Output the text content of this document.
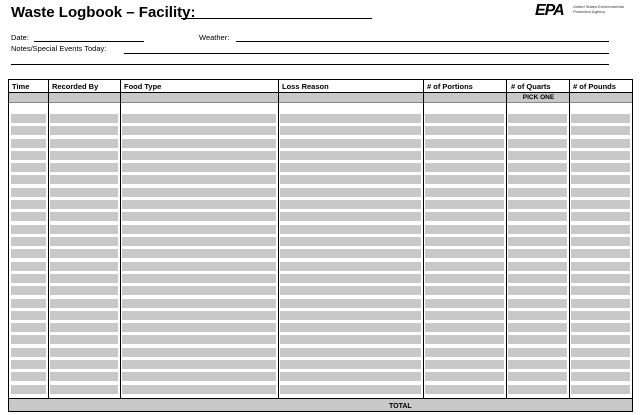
Waste Logbook – Facility:	EPA United States Environmental Protection Agency
Date:	Weather:
Notes/Special Events Today:
PICK ONE
Time	Recorded By	Food Type	Loss Reason	# of Portions	# of Quarts	# of Pounds
TOTAL
